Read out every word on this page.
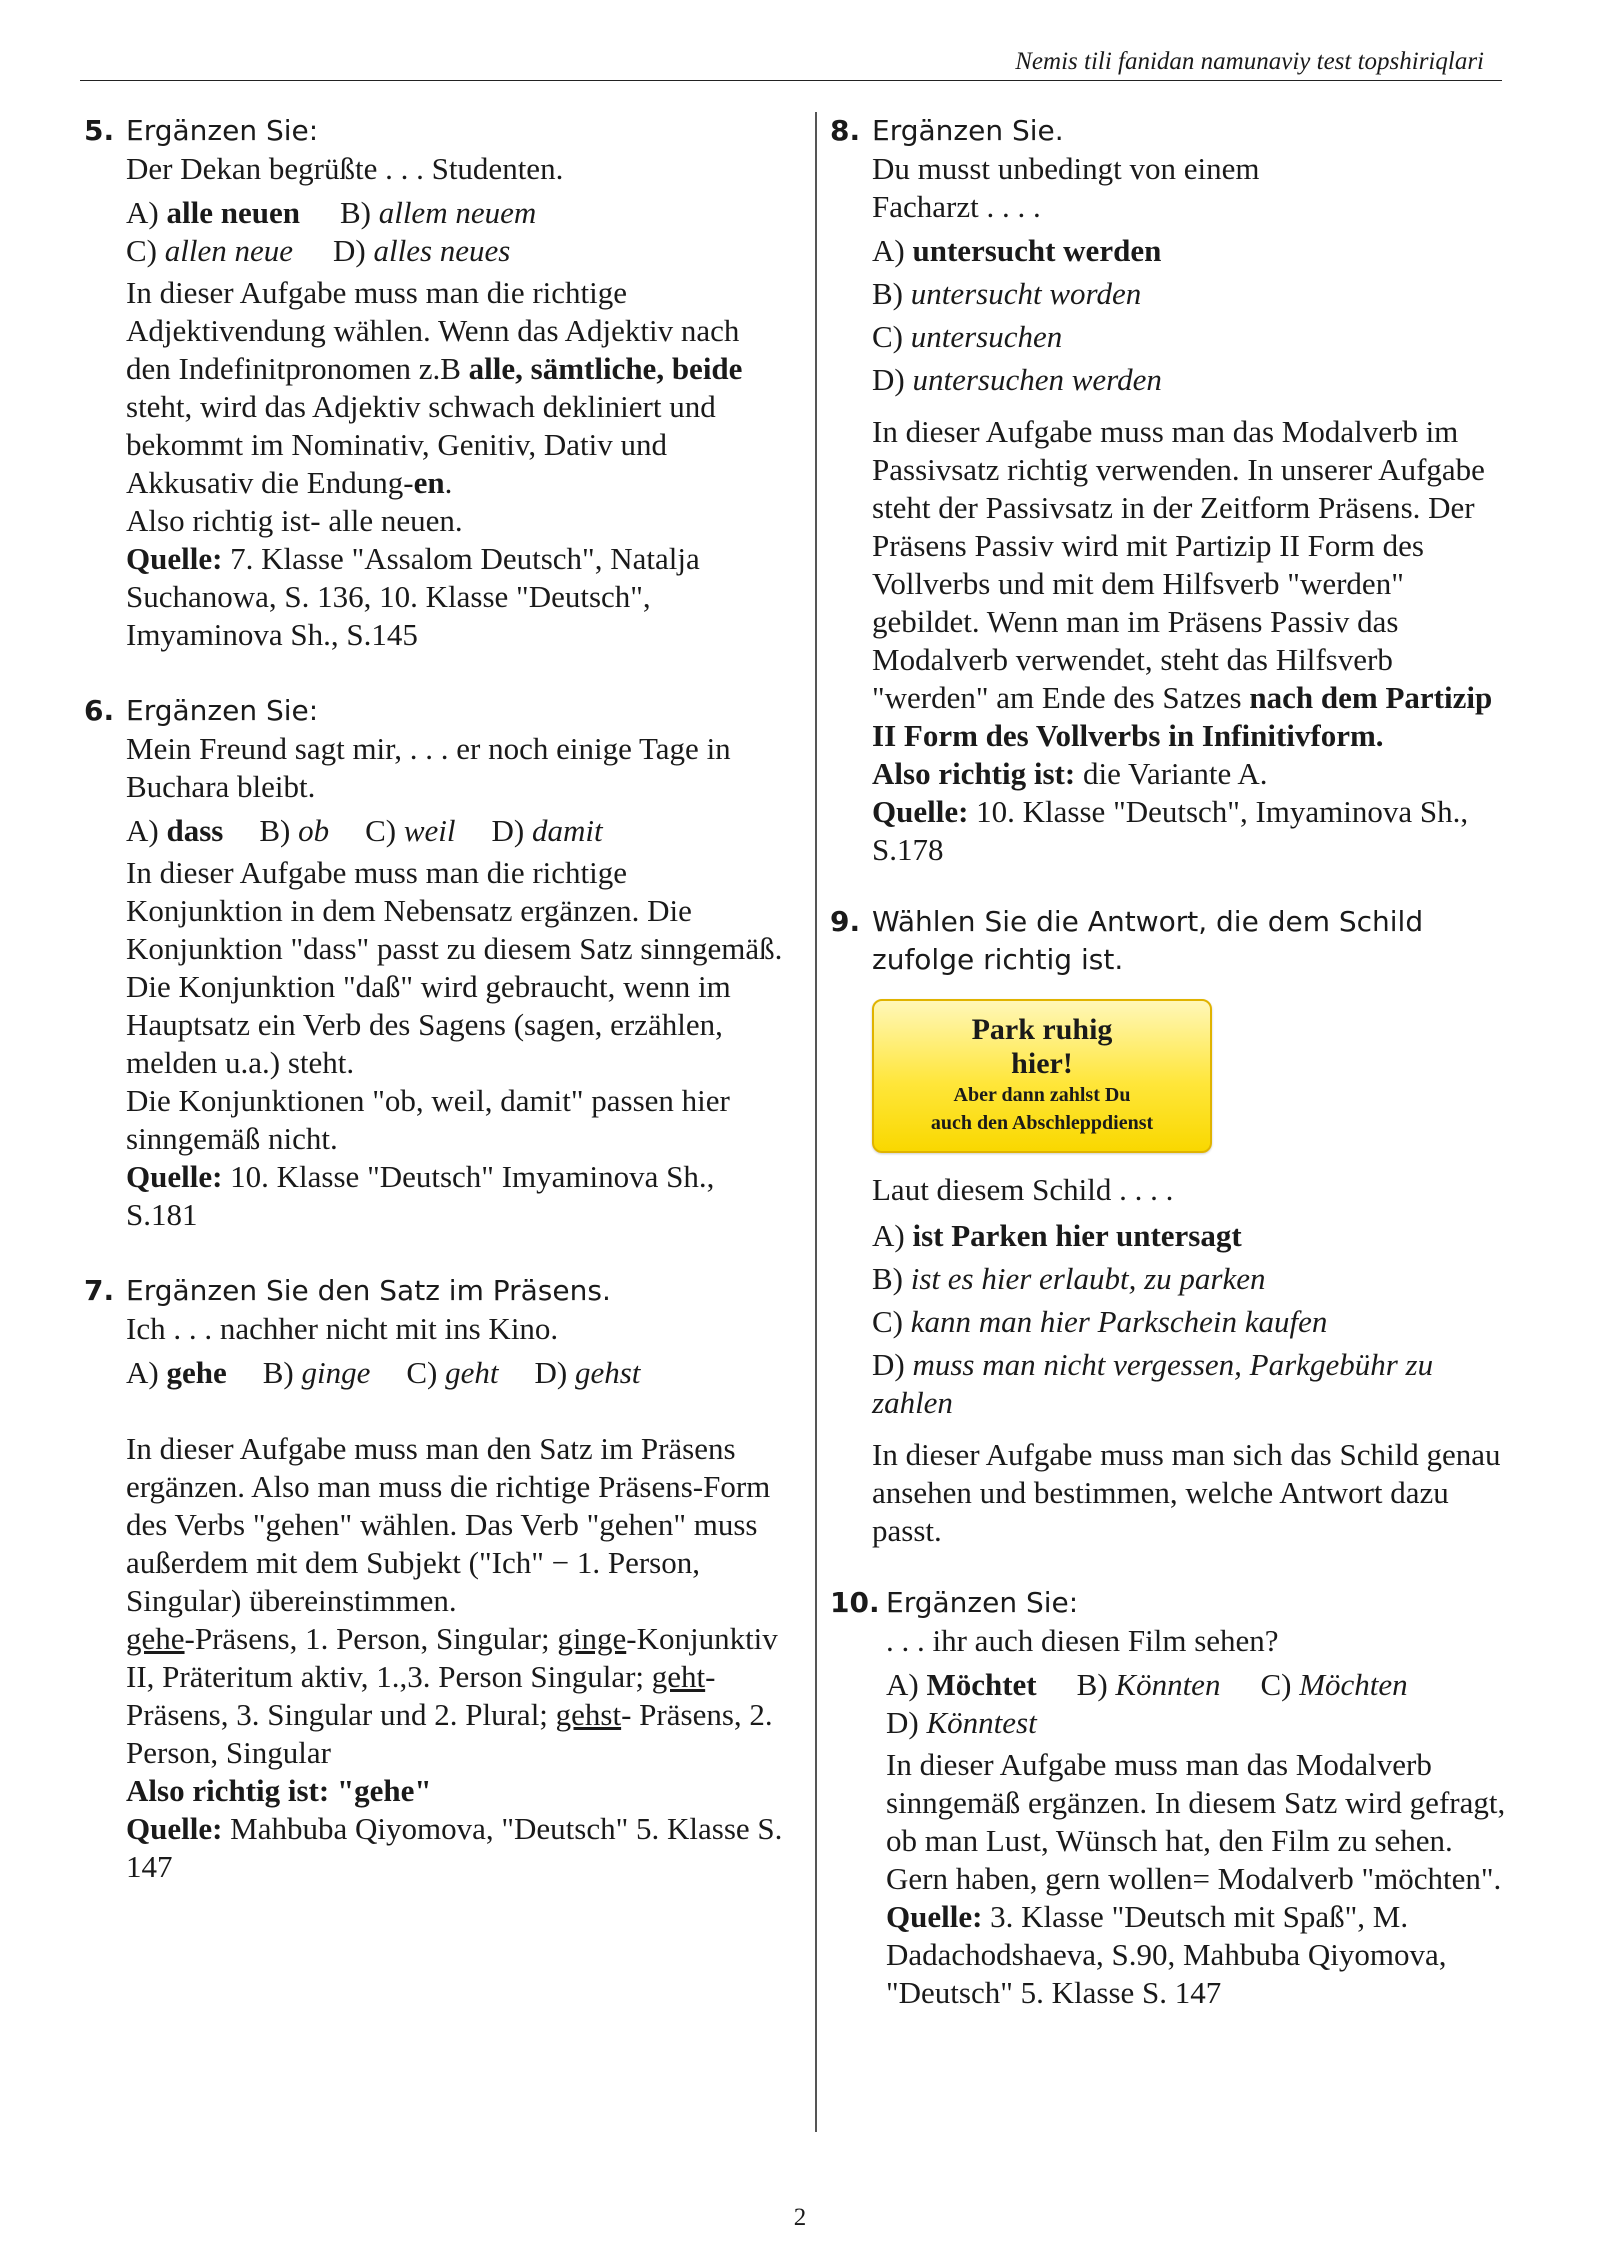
Nemis tili fanidan namunaviy test topshiriqlari
5. Ergänzen Sie:
Der Dekan begrüßte . . . Studenten.
A) alle neuen B) allem neuem
C) allen neue D) alles neues
In dieser Aufgabe muss man die richtige Adjektivendung wählen. Wenn das Adjektiv nach den Indefinitpronomen z.B alle, sämtliche, beide steht, wird das Adjektiv schwach dekliniert und bekommt im Nominativ, Genitiv, Dativ und Akkusativ die Endung-en.
Also richtig ist- alle neuen.
Quelle: 7. Klasse "Assalom Deutsch", Natalja Suchanowa, S. 136, 10. Klasse "Deutsch", Imyaminova Sh., S.145
6. Ergänzen Sie:
Mein Freund sagt mir, . . . er noch einige Tage in Buchara bleibt.
A) dass B) ob C) weil D) damit
In dieser Aufgabe muss man die richtige Konjunktion in dem Nebensatz ergänzen. Die Konjunktion "dass" passt zu diesem Satz sinngemäß. Die Konjunktion "daß" wird gebraucht, wenn im Hauptsatz ein Verb des Sagens (sagen, erzählen, melden u.a.) steht.
Die Konjunktionen "ob, weil, damit" passen hier sinngemäß nicht.
Quelle: 10. Klasse "Deutsch" Imyaminova Sh., S.181
7. Ergänzen Sie den Satz im Präsens.
Ich . . . nachher nicht mit ins Kino.
A) gehe B) ginge C) geht D) gehst
In dieser Aufgabe muss man den Satz im Präsens ergänzen. Also man muss die richtige Präsens-Form des Verbs "gehen" wählen. Das Verb "gehen" muss außerdem mit dem Subjekt ("Ich" − 1. Person, Singular) übereinstimmen.
gehe-Präsens, 1. Person, Singular; ginge-Konjunktiv II, Präteritum aktiv, 1.,3. Person Singular; geht- Präsens, 3. Singular und 2. Plural; gehst- Präsens, 2. Person, Singular
Also richtig ist: "gehe"
Quelle: Mahbuba Qiyomova, "Deutsch" 5. Klasse S. 147
8. Ergänzen Sie.
Du musst unbedingt von einem Facharzt . . . .
A) untersucht werden
B) untersucht worden
C) untersuchen
D) untersuchen werden
In dieser Aufgabe muss man das Modalverb im Passivsatz richtig verwenden. In unserer Aufgabe steht der Passivsatz in der Zeitform Präsens. Der Präsens Passiv wird mit Partizip II Form des Vollverbs und mit dem Hilfsverb "werden" gebildet. Wenn man im Präsens Passiv das Modalverb verwendet, steht das Hilfsverb "werden" am Ende des Satzes nach dem Partizip II Form des Vollverbs in Infinitivform.
Also richtig ist: die Variante A.
Quelle: 10. Klasse "Deutsch", Imyaminova Sh., S.178
9. Wählen Sie die Antwort, die dem Schild zufolge richtig ist.
Park ruhig
hier!
Aber dann zahlst Du
auch den Abschleppdienst
Laut diesem Schild . . . .
A) ist Parken hier untersagt
B) ist es hier erlaubt, zu parken
C) kann man hier Parkschein kaufen
D) muss man nicht vergessen, Parkgebühr zu zahlen
In dieser Aufgabe muss man sich das Schild genau ansehen und bestimmen, welche Antwort dazu passt.
10. Ergänzen Sie:
. . . ihr auch diesen Film sehen?
A) Möchtet B) Könnten C) Möchten
D) Könntest
In dieser Aufgabe muss man das Modalverb sinngemäß ergänzen. In diesem Satz wird gefragt, ob man Lust, Wünsch hat, den Film zu sehen. Gern haben, gern wollen= Modalverb "möchten".
Quelle: 3. Klasse "Deutsch mit Spaß", M. Dadachodshaeva, S.90, Mahbuba Qiyomova, "Deutsch" 5. Klasse S. 147
2
